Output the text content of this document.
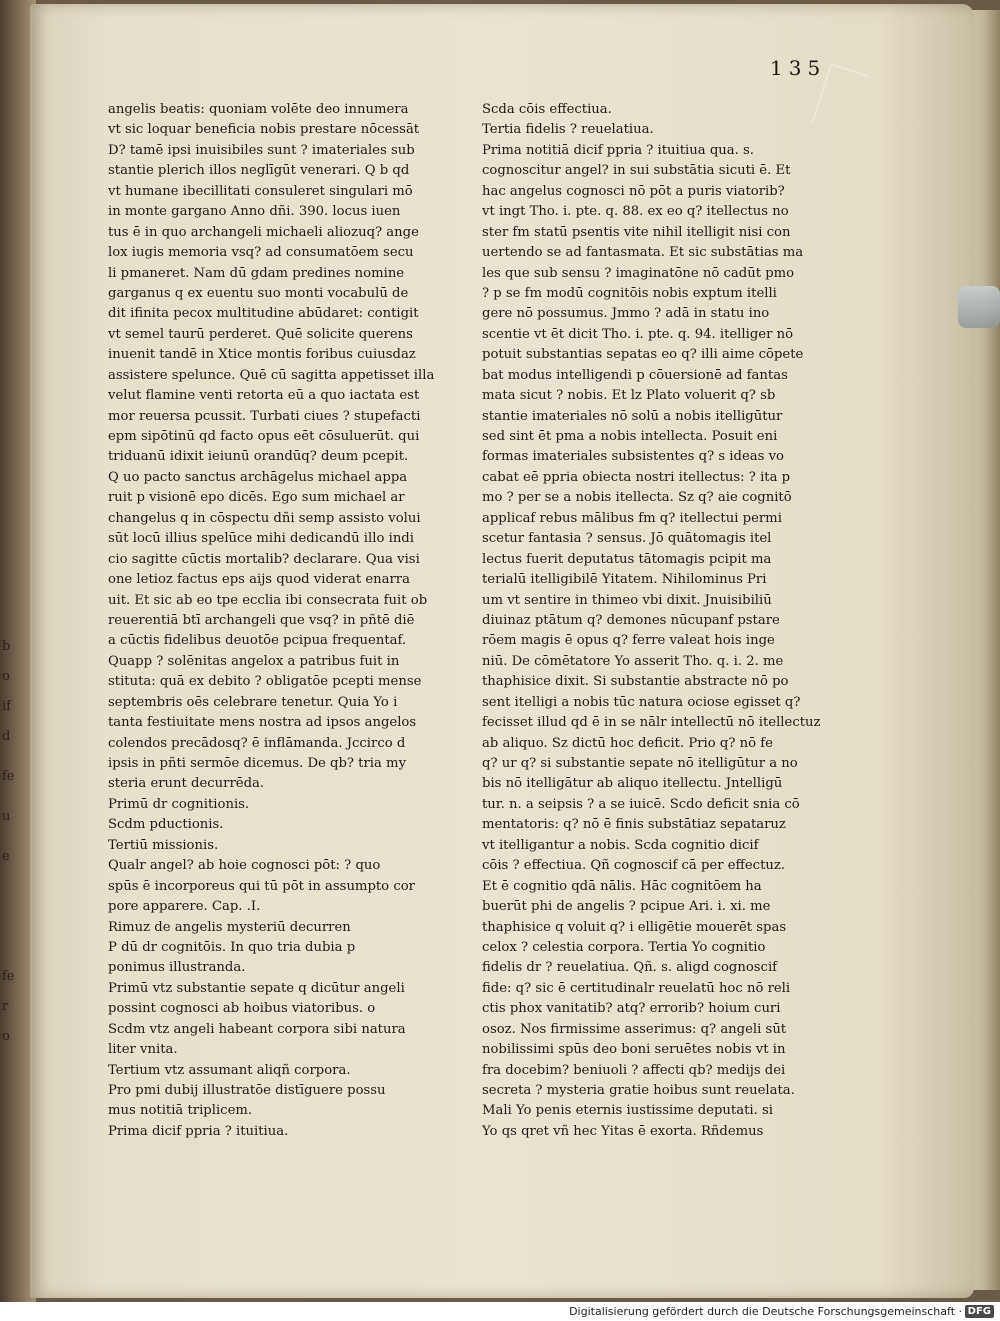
b
o
if
d
fe
u
e
fe
r
o
135
angelis beatis: quoniam volēte deo innumera
vt sic loquar beneficia nobis prestare nōcessāt
D? tamē ipsi inuisibiles sunt ? imateriales sub
stantie plerich illos neglīgūt venerari. Q b qd
vt humane ibecillitati consuleret singulari mō
in monte gargano Anno dñi. 390. locus iuen
tus ē in quo archangeli michaeli aliozuq? ange
lox iugis memoria vsq? ad consumatōem secu
li pmaneret. Nam dū gdam predines nomine
garganus q ex euentu suo monti vocabulū de
dit ifinita pecox multitudine abūdaret: contigit
vt semel taurū perderet. Quē solicite querens
inuenit tandē in Xtice montis foribus cuiusdaz
assistere spelunce. Quē cū sagitta appetisset illa
velut flamine venti retorta eū a quo iactata est
mor reuersa pcussit. Turbati ciues ? stupefacti
epm sipōtinū qd facto opus eēt cōsuluerūt. qui
triduanū idixit ieiunū orandūq? deum pcepit.
Q uo pacto sanctus archāgelus michael appa
ruit p visionē epo dicēs. Ego sum michael ar
changelus q in cōspectu dñi semp assisto volui
sūt locū illius spelūce mihi dedicandū illo indi
cio sagitte cūctis mortalib? declarare. Qua visi
one letioz factus eps aijs quod viderat enarra
uit. Et sic ab eo tpe ecclia ibi consecrata fuit ob
reuerentiā btī archangeli que vsq? in pñtē diē
a cūctis fidelibus deuotōe pcipua frequentaf.
Quapp ? solēnitas angelox a patribus fuit in
stituta: quā ex debito ? obligatōe pcepti mense
septembris oēs celebrare tenetur. Quia Yo i
tanta festiuitate mens nostra ad ipsos angelos
colendos precādosq? ē inflāmanda. Jccirco d
ipsis in pñti sermōe dicemus. De qb? tria my
steria erunt decurrēda.
Primū dr cognitionis.
Scdm pductionis.
Tertiū missionis.
Qualr angel? ab hoie cognosci pōt: ? quo
spūs ē incorporeus qui tū pōt in assumpto cor
pore apparere. Cap. .I.
Rimuz de angelis mysteriū decurren
P dū dr cognitōis. In quo tria dubia p
ponimus illustranda.
Primū vtz substantie sepate q dicūtur angeli
possint cognosci ab hoibus viatoribus. o
Scdm vtz angeli habeant corpora sibi natura
liter vnita.
Tertium vtz assumant aliqñ corpora.
Pro pmi dubij illustratōe distīguere possu
mus notitiā triplicem.
Prima dicif ppria ? ituitiua.
Scda cōis effectiua.
Tertia fidelis ? reuelatiua.
Prima notitiā dicif ppria ? ituitiua qua. s.
cognoscitur angel? in sui substātia sicuti ē. Et
hac angelus cognosci nō pōt a puris viatorib?
vt ingt Tho. i. pte. q. 88. ex eo q? itellectus no
ster fm statū psentis vite nihil itelligit nisi con
uertendo se ad fantasmata. Et sic substātias ma
les que sub sensu ? imaginatōne nō cadūt pmo
? p se fm modū cognitōis nobis exptum itelli
gere nō possumus. Jmmo ? adā in statu ino
scentie vt ēt dicit Tho. i. pte. q. 94. itelliger nō
potuit substantias sepatas eo q? illi aime cōpete
bat modus intelligendi p cōuersionē ad fantas
mata sicut ? nobis. Et lz Plato voluerit q? sb
stantie imateriales nō solū a nobis itelligūtur
sed sint ēt pma a nobis intellecta. Posuit eni
formas imateriales subsistentes q? s ideas vo
cabat eē ppria obiecta nostri itellectus: ? ita p
mo ? per se a nobis itellecta. Sz q? aie cognitō
applicaf rebus mālibus fm q? itellectui permi
scetur fantasia ? sensus. Jō quātomagis itel
lectus fuerit deputatus tātomagis pcipit ma
terialū itelligibilē Yitatem. Nihilominus Pri
um vt sentire in thimeo vbi dixit. Jnuisibiliū
diuinaz ptātum q? demones nūcupanf pstare
rōem magis ē opus q? ferre valeat hois inge
niū. De cōmētatore Yo asserit Tho. q. i. 2. me
thaphisice dixit. Si substantie abstracte nō po
sent itelligi a nobis tūc natura ociose egisset q?
fecisset illud qd ē in se nālr intellectū nō itellectuz
ab aliquo. Sz dictū hoc deficit. Prio q? nō fe
q? ur q? si substantie sepate nō itelligūtur a no
bis nō itelligātur ab aliquo itellectu. Jntelligū
tur. n. a seipsis ? a se iuicē. Scdo deficit snia cō
mentatoris: q? nō ē finis substātiaz sepataruz
vt itelligantur a nobis. Scda cognitio dicif
cōis ? effectiua. Qñ cognoscif cā per effectuz.
Et ē cognitio qdā nālis. Hāc cognitōem ha
buerūt phi de angelis ? pcipue Ari. i. xi. me
thaphisice q voluit q? i elligētie mouerēt spas
celox ? celestia corpora. Tertia Yo cognitio
fidelis dr ? reuelatiua. Qñ. s. aligd cognoscif
fide: q? sic ē certitudinalr reuelatū hoc nō reli
ctis phox vanitatib? atq? errorib? hoium curi
osoz. Nos firmissime asserimus: q? angeli sūt
nobilissimi spūs deo boni seruētes nobis vt in
fra docebim? beniuoli ? affecti qb? medijs dei
secreta ? mysteria gratie hoibus sunt reuelata.
Mali Yo penis eternis iustissime deputati. si
Yo qs qret vñ hec Yitas ē exorta. Rñdemus
Digitalisierung gefördert durch die Deutsche Forschungsgemeinschaft · DFG
